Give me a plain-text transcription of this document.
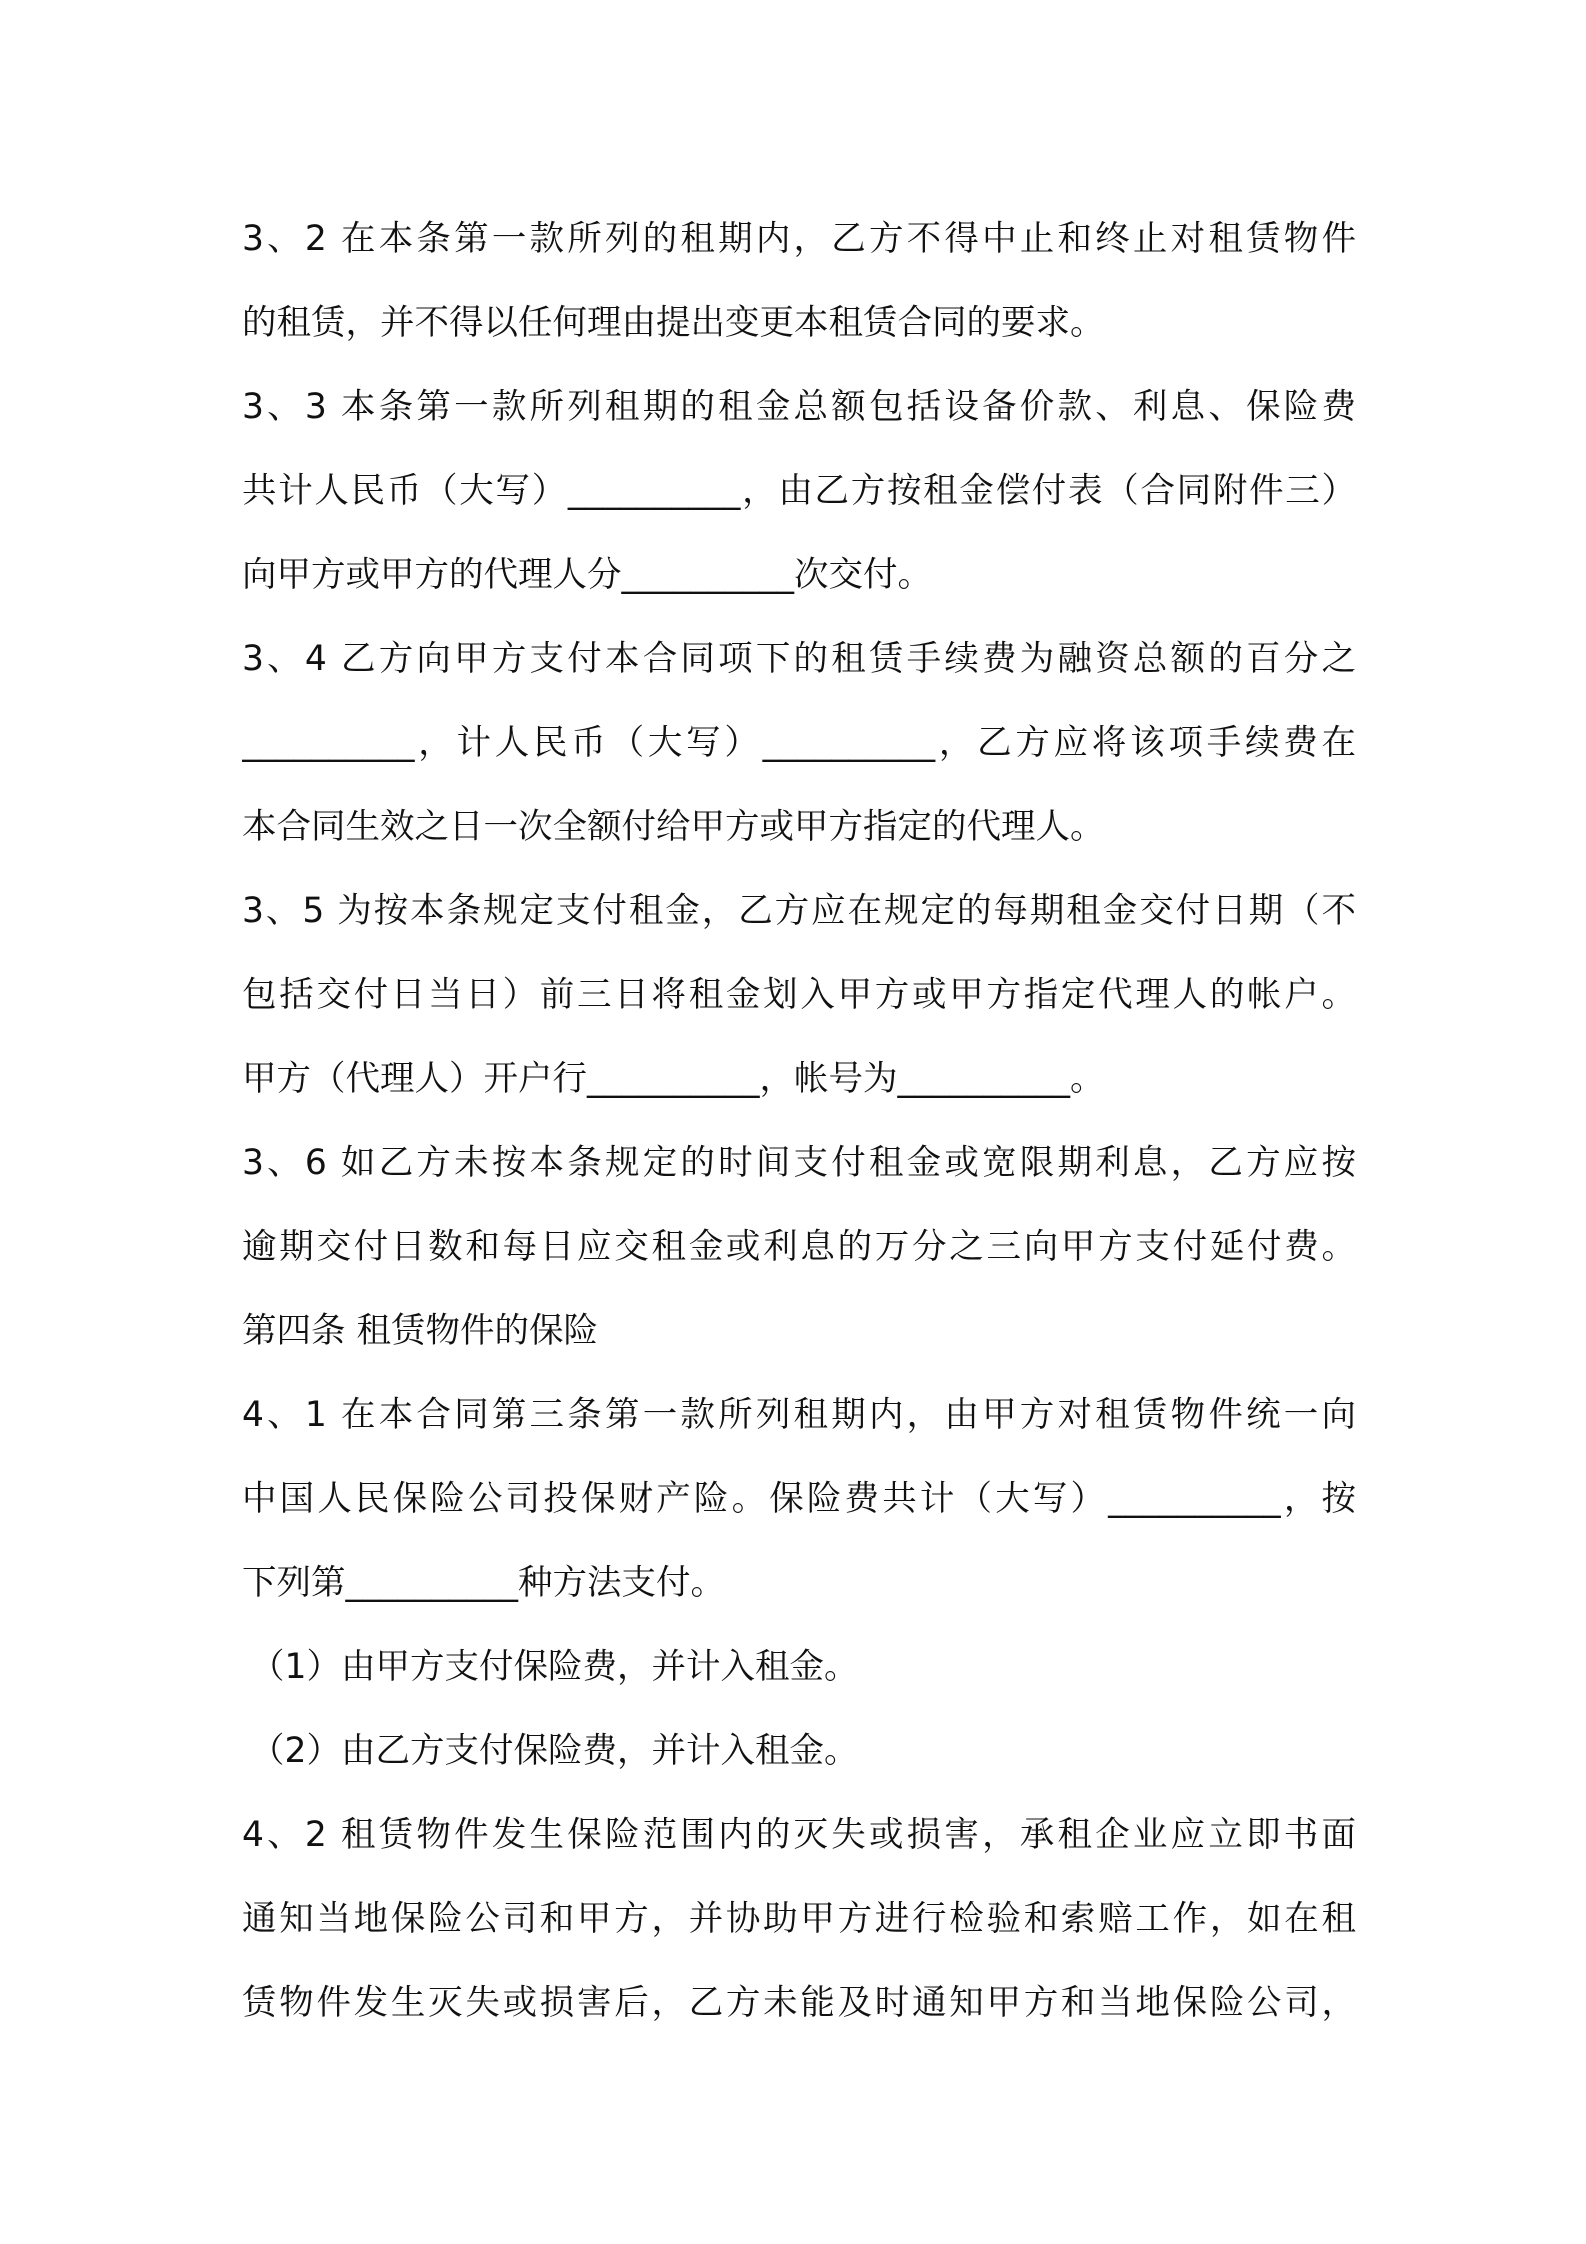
3、2 在本条第一款所列的租期内，乙方不得中止和终止对租赁物件
的租赁，并不得以任何理由提出变更本租赁合同的要求。
3、3 本条第一款所列租期的租金总额包括设备价款、利息、保险费
共计人民币（大写）__________，由乙方按租金偿付表（合同附件三）
向甲方或甲方的代理人分__________次交付。
3、4 乙方向甲方支付本合同项下的租赁手续费为融资总额的百分之
__________，计人民币（大写）__________，乙方应将该项手续费在
本合同生效之日一次全额付给甲方或甲方指定的代理人。
3、5 为按本条规定支付租金，乙方应在规定的每期租金交付日期（不
包括交付日当日）前三日将租金划入甲方或甲方指定代理人的帐户。
甲方（代理人）开户行__________，帐号为__________。
3、6 如乙方未按本条规定的时间支付租金或宽限期利息，乙方应按
逾期交付日数和每日应交租金或利息的万分之三向甲方支付延付费。
第四条 租赁物件的保险
4、1 在本合同第三条第一款所列租期内，由甲方对租赁物件统一向
中国人民保险公司投保财产险。保险费共计（大写）__________，按
下列第__________种方法支付。
（1）由甲方支付保险费，并计入租金。
（2）由乙方支付保险费，并计入租金。
4、2 租赁物件发生保险范围内的灭失或损害，承租企业应立即书面
通知当地保险公司和甲方，并协助甲方进行检验和索赔工作，如在租
赁物件发生灭失或损害后，乙方未能及时通知甲方和当地保险公司，
